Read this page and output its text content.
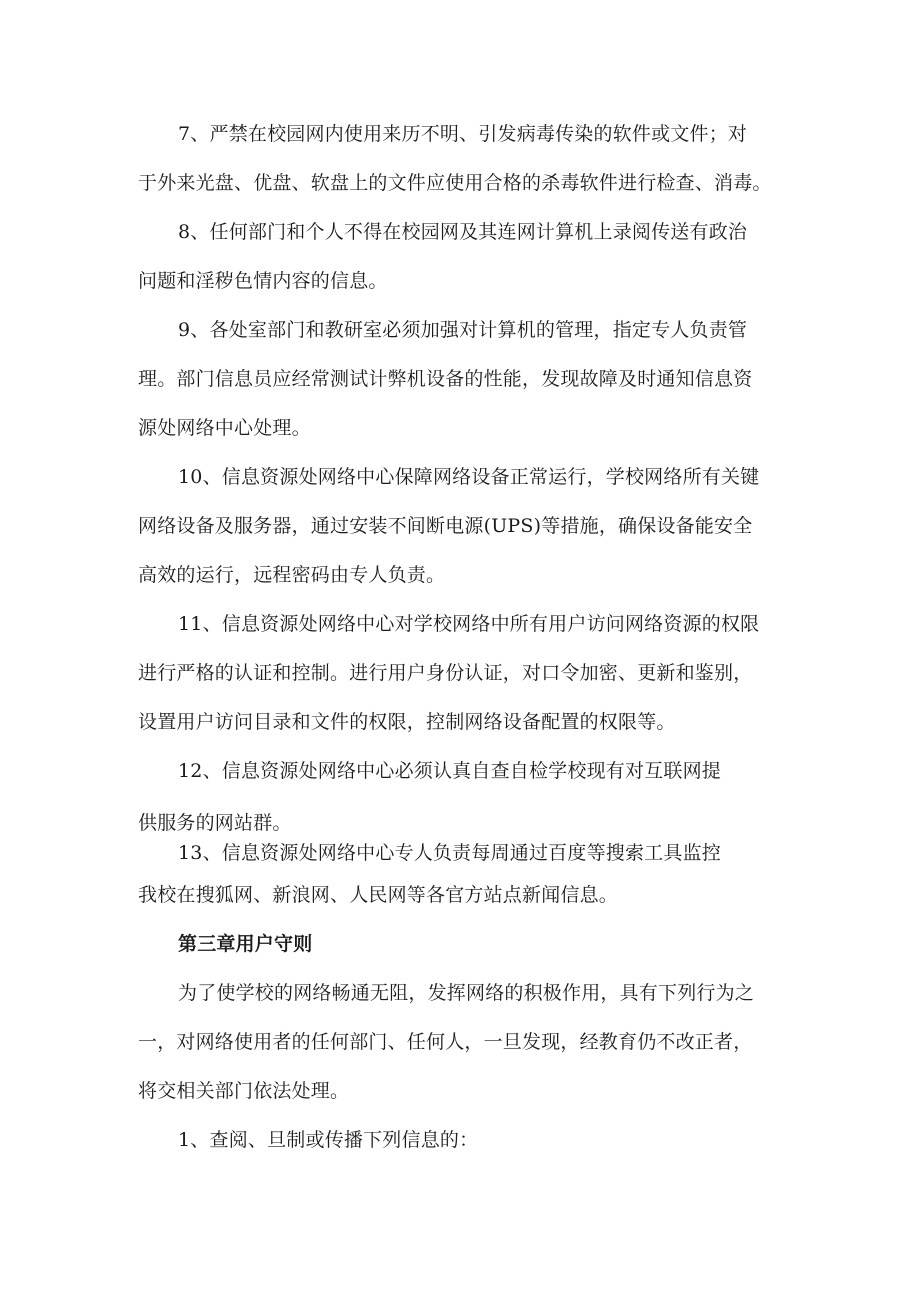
7、严禁在校园网内使用来历不明、引发病毒传染的软件或文件；对
于外来光盘、优盘、软盘上的文件应使用合格的杀毒软件进行检查、消毒。
8、任何部门和个人不得在校园网及其连网计算机上录阅传送有政治
问题和淫秽色情内容的信息。
9、各处室部门和教研室必须加强对计算机的管理，指定专人负责管
理。部门信息员应经常测试计弊机设备的性能，发现故障及时通知信息资
源处网络中心处理。
10、信息资源处网络中心保障网络设备正常运行，学校网络所有关键
网络设备及服务器，通过安装不间断电源(UPS)等措施，确保设备能安全
高效的运行，远程密码由专人负责。
11、信息资源处网络中心对学校网络中所有用户访问网络资源的权限
进行严格的认证和控制。进行用户身份认证，对口令加密、更新和鉴别，
设置用户访问目录和文件的权限，控制网络设备配置的权限等。
12、信息资源处网络中心必须认真自查自检学校现有对互联网提
供服务的网站群。
13、信息资源处网络中心专人负责每周通过百度等搜索工具监控
我校在搜狐网、新浪网、人民网等各官方站点新闻信息。
第三章用户守则
为了使学校的网络畅通无阻，发挥网络的积极作用，具有下列行为之
一，对网络使用者的任何部门、任何人，一旦发现，经教育仍不改正者，
将交相关部门依法处理。
1、查阅、旦制或传播下列信息的：
